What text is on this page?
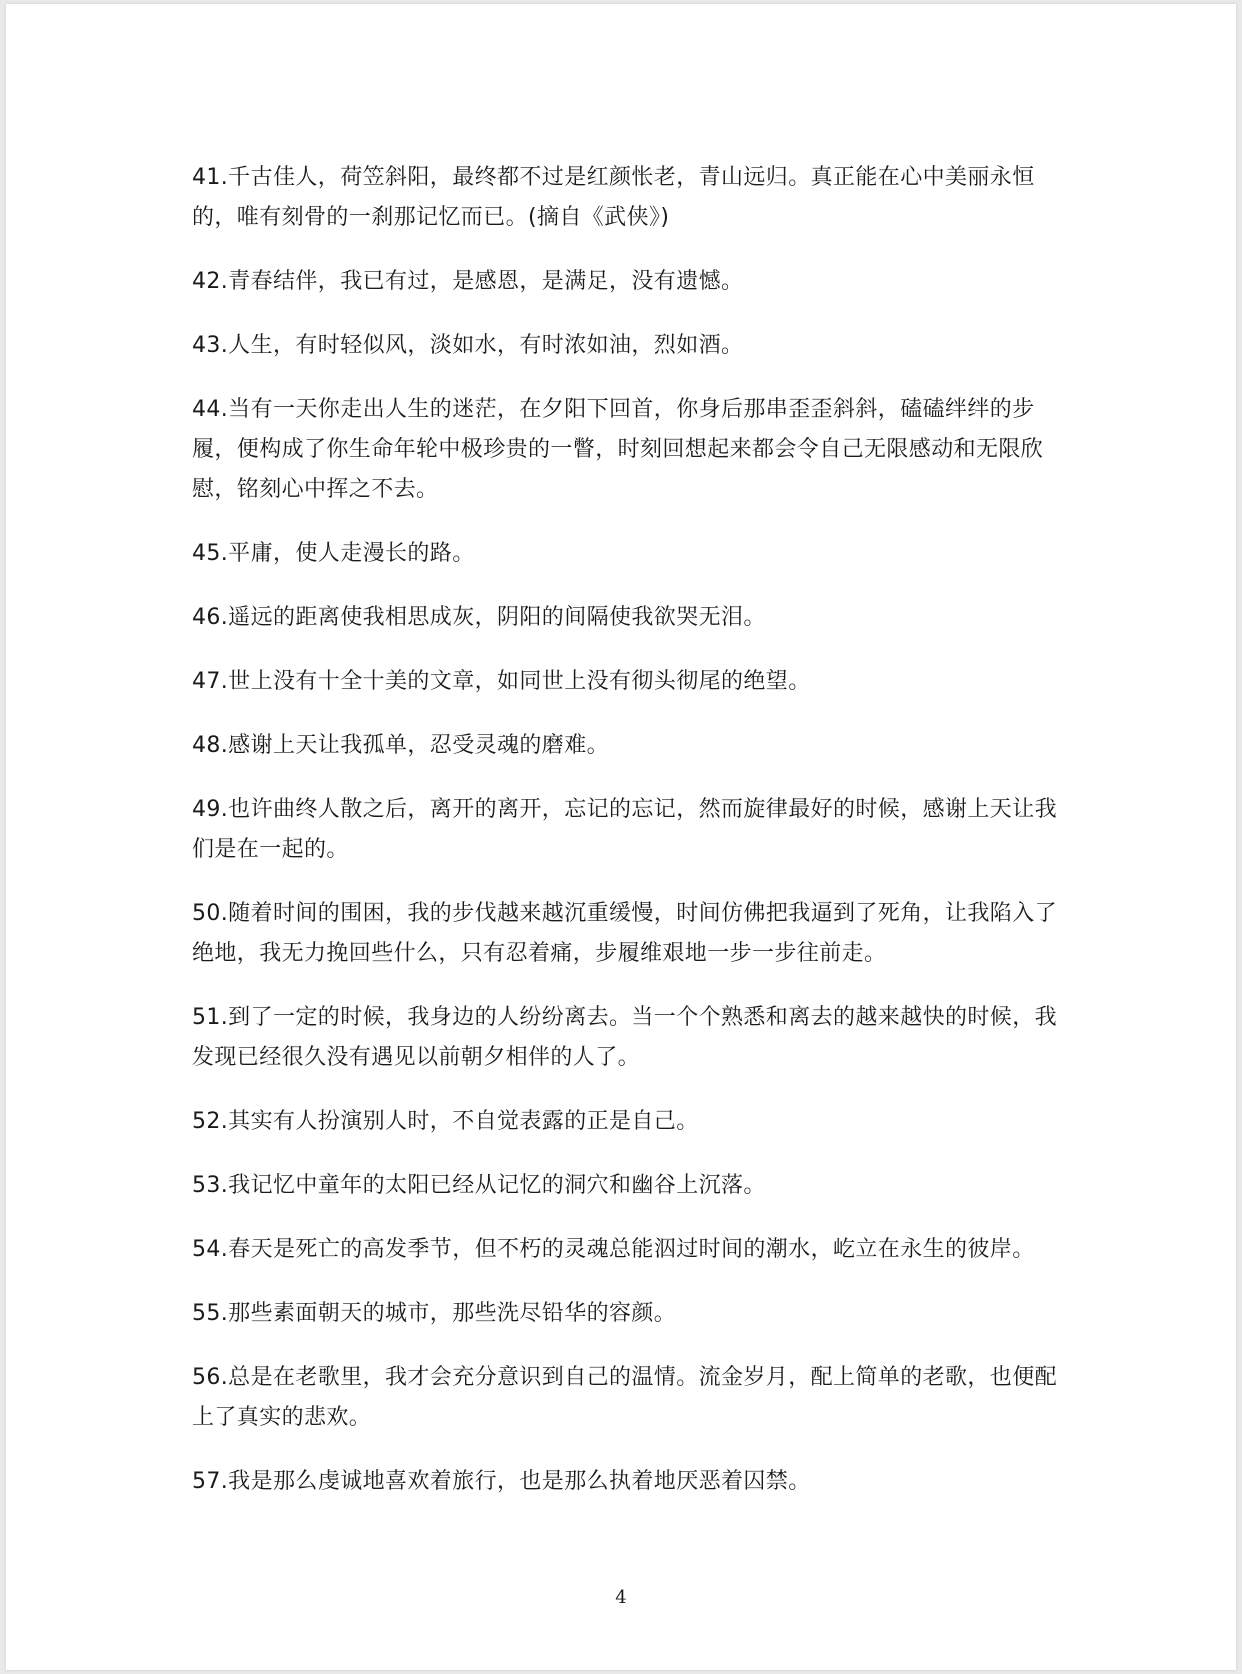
41.千古佳人，荷笠斜阳，最终都不过是红颜怅老，青山远归。真正能在心中美丽永恒的，唯有刻骨的一刹那记忆而已。(摘自《武侠》)

42.青春结伴，我已有过，是感恩，是满足，没有遗憾。

43.人生，有时轻似风，淡如水，有时浓如油，烈如酒。

44.当有一天你走出人生的迷茫，在夕阳下回首，你身后那串歪歪斜斜，磕磕绊绊的步履，便构成了你生命年轮中极珍贵的一瞥，时刻回想起来都会令自己无限感动和无限欣慰，铭刻心中挥之不去。

45.平庸，使人走漫长的路。

46.遥远的距离使我相思成灰，阴阳的间隔使我欲哭无泪。

47.世上没有十全十美的文章，如同世上没有彻头彻尾的绝望。

48.感谢上天让我孤单，忍受灵魂的磨难。

49.也许曲终人散之后，离开的离开，忘记的忘记，然而旋律最好的时候，感谢上天让我们是在一起的。

50.随着时间的围困，我的步伐越来越沉重缓慢，时间仿佛把我逼到了死角，让我陷入了绝地，我无力挽回些什么，只有忍着痛，步履维艰地一步一步往前走。

51.到了一定的时候，我身边的人纷纷离去。当一个个熟悉和离去的越来越快的时候，我发现已经很久没有遇见以前朝夕相伴的人了。

52.其实有人扮演别人时，不自觉表露的正是自己。

53.我记忆中童年的太阳已经从记忆的洞穴和幽谷上沉落。

54.春天是死亡的高发季节，但不朽的灵魂总能泅过时间的潮水，屹立在永生的彼岸。

55.那些素面朝天的城市，那些洗尽铅华的容颜。

56.总是在老歌里，我才会充分意识到自己的温情。流金岁月，配上简单的老歌，也便配上了真实的悲欢。

57.我是那么虔诚地喜欢着旅行，也是那么执着地厌恶着囚禁。

4
